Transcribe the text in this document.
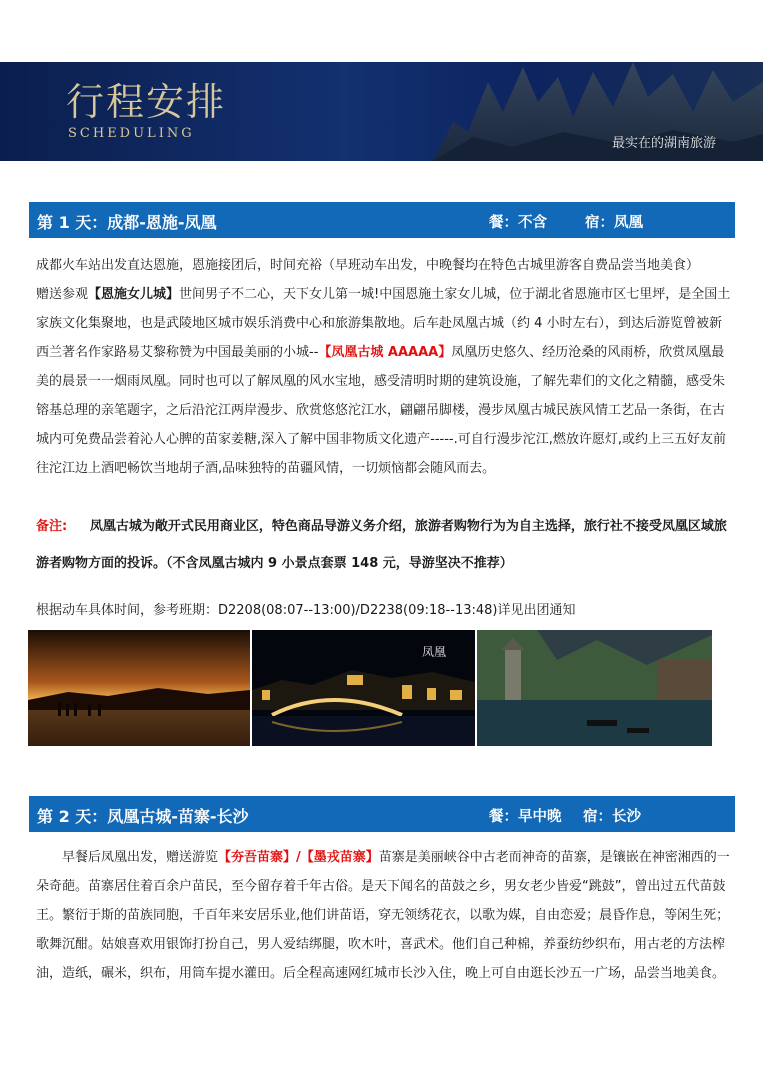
行程安排
SCHEDULING
最实在的湖南旅游
第 1 天：成都-恩施-凤凰	餐：不含	宿：凤凰

成都火车站出发直达恩施，恩施接团后，时间充裕（早班动车出发，中晚餐均在特色古城里游客自费品尝当地美食）

赠送参观【恩施女儿城】世间男子不二心，天下女儿第一城!中国恩施土家女儿城，位于湖北省恩施市区七里坪，是全国土家族文化集聚地，也是武陵地区城市娱乐消费中心和旅游集散地。后车赴凤凰古城（约 4 小时左右），到达后游览曾被新西兰著名作家路易艾黎称赞为中国最美丽的小城--【凤凰古城 AAAAA】凤凰历史悠久、经历沧桑的风雨桥，欣赏凤凰最美的晨景一一烟雨凤凰。同时也可以了解凤凰的风水宝地，感受清明时期的建筑设施，了解先辈们的文化之精髓，感受朱镕基总理的亲笔题字，之后沿沱江两岸漫步、欣赏悠悠沱江水，翩翩吊脚楼，漫步凤凰古城民族风情工艺品一条街，在古城内可免费品尝着沁人心脾的苗家姜糖,深入了解中国非物质文化遗产-----.可自行漫步沱江,燃放许愿灯,或约上三五好友前往沱江边上酒吧畅饮当地胡子酒,品味独特的苗疆风情，一切烦恼都会随风而去。

备注: 凤凰古城为敞开式民用商业区，特色商品导游义务介绍，旅游者购物行为为自主选择，旅行社不接受凤凰区域旅游者购物方面的投诉。（不含凤凰古城内 9 小景点套票 148 元，导游坚决不推荐）

根据动车具体时间，参考班期：D2208(08:07--13:00)/D2238(09:18--13:48)详见出团通知

凤凰
第 2 天：凤凰古城-苗寨-长沙	餐：早中晚 宿：长沙

早餐后凤凰出发，赠送游览【夯吾苗寨】/【墨戎苗寨】苗寨是美丽峡谷中古老而神奇的苗寨，是镶嵌在神密湘西的一朵奇葩。苗寨居住着百余户苗民，至今留存着千年古俗。是天下闻名的苗鼓之乡，男女老少皆爱“跳鼓”，曾出过五代苗鼓王。繁衍于斯的苗族同胞，千百年来安居乐业,他们讲苗语，穿无领绣花衣，以歌为媒，自由恋爱；晨昏作息，等闲生死；歌舞沉酣。姑娘喜欢用银饰打扮自己，男人爱结绑腿，吹木叶，喜武术。他们自己种棉，养蚕纺纱织布，用古老的方法榨油，造纸，碾米，织布，用筒车提水灌田。后全程高速网红城市长沙入住，晚上可自由逛长沙五一广场，品尝当地美食。
